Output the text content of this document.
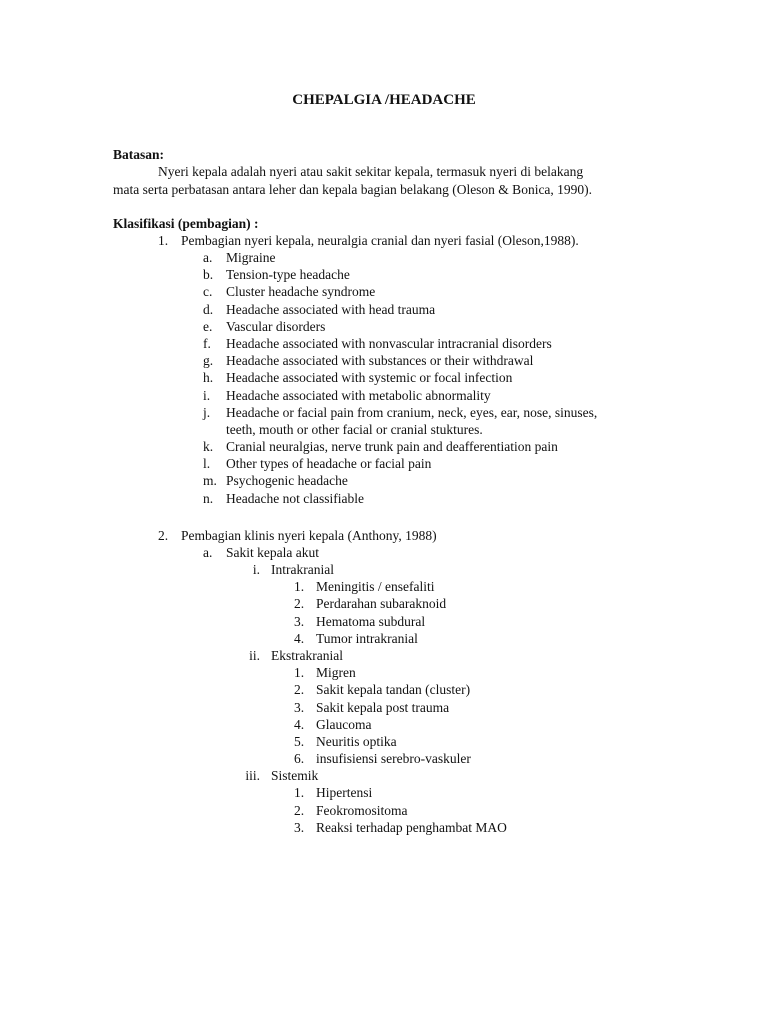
CHEPALGIA /HEADACHE
Batasan:
Nyeri kepala adalah nyeri atau sakit sekitar kepala, termasuk nyeri di belakang
mata serta perbatasan antara leher dan kepala bagian belakang (Oleson & Bonica, 1990).
Klasifikasi (pembagian) :
1. Pembagian nyeri kepala, neuralgia cranial dan nyeri fasial (Oleson,1988).
a. Migraine
b. Tension-type headache
c. Cluster headache syndrome
d. Headache associated with head trauma
e. Vascular disorders
f. Headache associated with nonvascular intracranial disorders
g. Headache associated with substances or their withdrawal
h. Headache associated with systemic or focal infection
i. Headache associated with metabolic abnormality
j. Headache or facial pain from cranium, neck, eyes, ear, nose, sinuses,
teeth, mouth or other facial or cranial stuktures.
k. Cranial neuralgias, nerve trunk pain and deafferentiation pain
l. Other types of headache or facial pain
m. Psychogenic headache
n. Headache not classifiable
2. Pembagian klinis nyeri kepala (Anthony, 1988)
a. Sakit kepala akut
i. Intrakranial
1. Meningitis / ensefaliti
2. Perdarahan subaraknoid
3. Hematoma subdural
4. Tumor intrakranial
ii. Ekstrakranial
1. Migren
2. Sakit kepala tandan (cluster)
3. Sakit kepala post trauma
4. Glaucoma
5. Neuritis optika
6. insufisiensi serebro-vaskuler
iii. Sistemik
1. Hipertensi
2. Feokromositoma
3. Reaksi terhadap penghambat MAO
